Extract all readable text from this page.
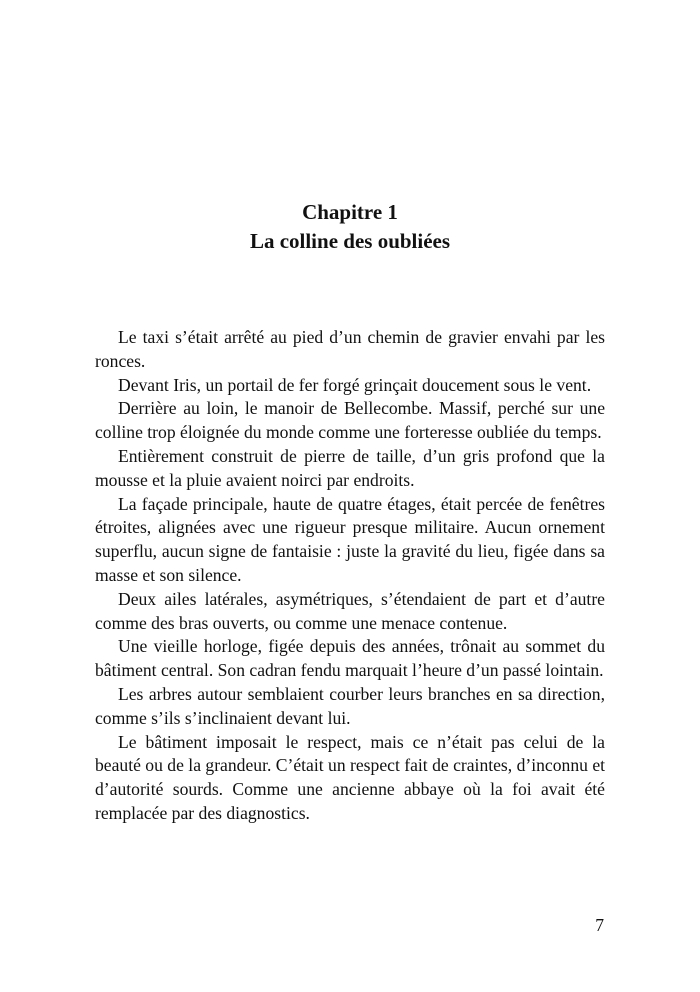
Chapitre 1
La colline des oubliées

Le taxi s’était arrêté au pied d’un chemin de gravier envahi par les ronces.

Devant Iris, un portail de fer forgé grinçait doucement sous le vent.

Derrière au loin, le manoir de Bellecombe. Massif, perché sur une colline trop éloignée du monde comme une forteresse oubliée du temps.

Entièrement construit de pierre de taille, d’un gris profond que la mousse et la pluie avaient noirci par endroits.

La façade principale, haute de quatre étages, était percée de fenêtres étroites, alignées avec une rigueur presque militaire. Aucun ornement superflu, aucun signe de fantaisie : juste la gravité du lieu, figée dans sa masse et son silence.

Deux ailes latérales, asymétriques, s’étendaient de part et d’autre comme des bras ouverts, ou comme une menace contenue.

Une vieille horloge, figée depuis des années, trônait au sommet du bâtiment central. Son cadran fendu marquait l’heure d’un passé lointain.

Les arbres autour semblaient courber leurs branches en sa direction, comme s’ils s’inclinaient devant lui.

Le bâtiment imposait le respect, mais ce n’était pas celui de la beauté ou de la grandeur. C’était un respect fait de craintes, d’inconnu et d’autorité sourds. Comme une ancienne abbaye où la foi avait été remplacée par des diagnostics.

7
